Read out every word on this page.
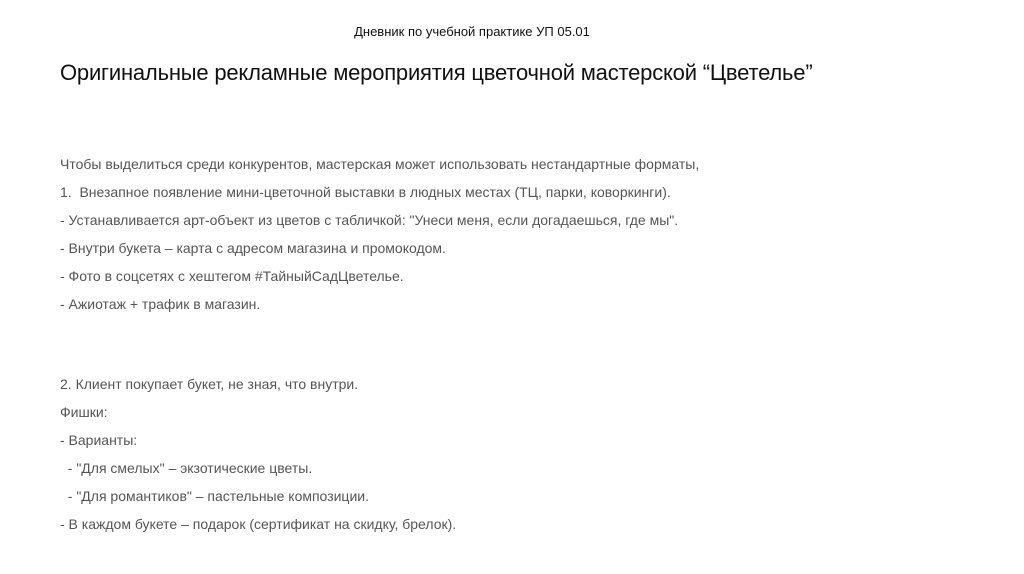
Дневник по учебной практике УП 05.01
Оригинальные рекламные мероприятия цветочной мастерской “Цветелье”
Чтобы выделиться среди конкурентов, мастерская может использовать нестандартные форматы,
1.  Внезапное появление мини-цветочной выставки в людных местах (ТЦ, парки, коворкинги).
- Устанавливается арт-объект из цветов с табличкой: "Унеси меня, если догадаешься, где мы".
- Внутри букета – карта с адресом магазина и промокодом.
- Фото в соцсетях с хештегом #ТайныйСадЦветелье.
- Ажиотаж + трафик в магазин.
2. Клиент покупает букет, не зная, что внутри.
Фишки:
- Варианты:
- "Для смелых" – экзотические цветы.
- "Для романтиков" – пастельные композиции.
- В каждом букете – подарок (сертификат на скидку, брелок).
